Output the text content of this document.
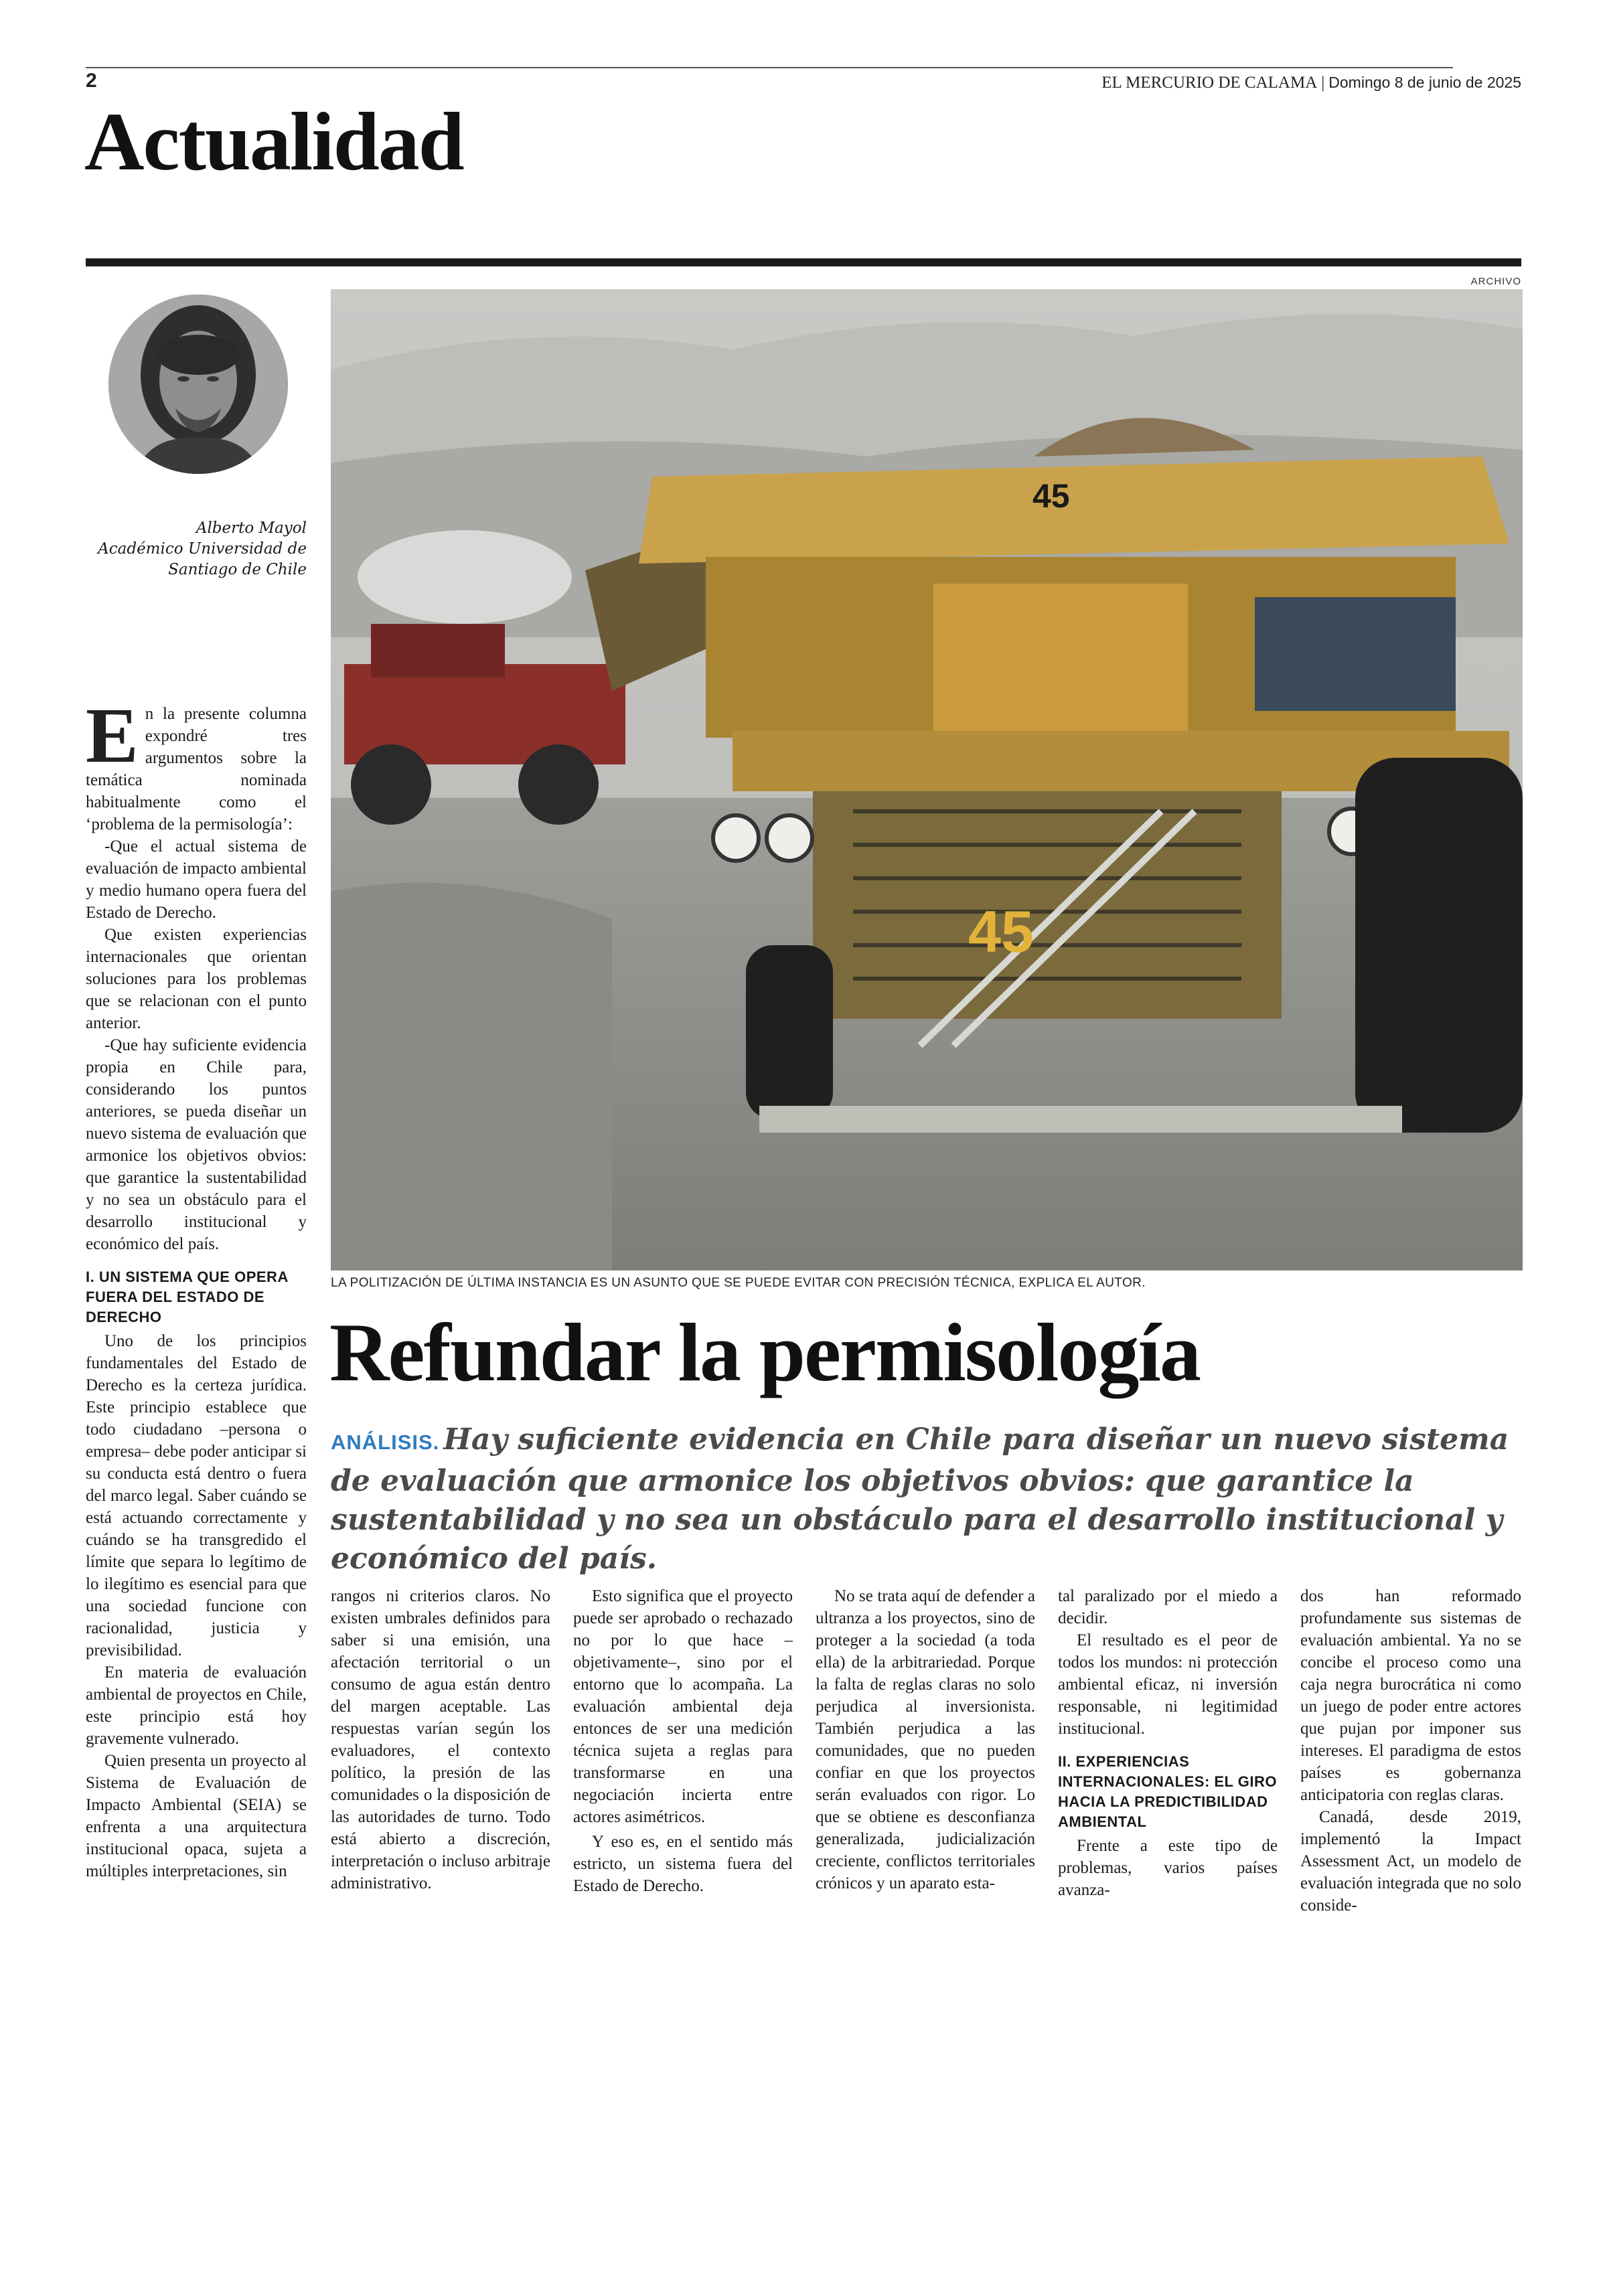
2	EL MERCURIO DE CALAMA | Domingo 8 de junio de 2025
Actualidad
Alberto Mayol
Académico Universidad de
Santiago de Chile
ARCHIVO
45
45
LA POLITIZACIÓN DE ÚLTIMA INSTANCIA ES UN ASUNTO QUE SE PUEDE EVITAR CON PRECISIÓN TÉCNICA, EXPLICA EL AUTOR.
Refundar la permisología
ANÁLISIS. Hay suficiente evidencia en Chile para diseñar un nuevo sistema de evaluación que armonice los objetivos obvios: que garantice la sustentabilidad y no sea un obstáculo para el desarrollo institucional y económico del país.

En la presente columna expondré tres argumentos sobre la temática nominada habitualmente como el ‘problema de la permisología’:

-Que el actual sistema de evaluación de impacto ambiental y medio humano opera fuera del Estado de Derecho.

Que existen experiencias internacionales que orientan soluciones para los problemas que se relacionan con el punto anterior.

-Que hay suficiente evidencia propia en Chile para, considerando los puntos anteriores, se pueda diseñar un nuevo sistema de evaluación que armonice los objetivos obvios: que garantice la sustentabilidad y no sea un obstáculo para el desarrollo institucional y económico del país.

I. UN SISTEMA QUE OPERA FUERA DEL ESTADO DE DERECHO

Uno de los principios fundamentales del Estado de Derecho es la certeza jurídica. Este principio establece que todo ciudadano –persona o empresa– debe poder anticipar si su conducta está dentro o fuera del marco legal. Saber cuándo se está actuando correctamente y cuándo se ha transgredido el límite que separa lo legítimo de lo ilegítimo es esencial para que una sociedad funcione con racionalidad, justicia y previsibilidad.

En materia de evaluación ambiental de proyectos en Chile, este principio está hoy gravemente vulnerado.

Quien presenta un proyecto al Sistema de Evaluación de Impacto Ambiental (SEIA) se enfrenta a una arquitectura institucional opaca, sujeta a múltiples interpretaciones, sin

rangos ni criterios claros. No existen umbrales definidos para saber si una emisión, una afectación territorial o un consumo de agua están dentro del margen aceptable. Las respuestas varían según los evaluadores, el contexto político, la presión de las comunidades o la disposición de las autoridades de turno. Todo está abierto a discreción, interpretación o incluso arbitraje administrativo.

Esto significa que el proyecto puede ser aprobado o rechazado no por lo que hace –objetivamente–, sino por el entorno que lo acompaña. La evaluación ambiental deja entonces de ser una medición técnica sujeta a reglas para transformarse en una negociación incierta entre actores asimétricos.

Y eso es, en el sentido más estricto, un sistema fuera del Estado de Derecho.

No se trata aquí de defender a ultranza a los proyectos, sino de proteger a la sociedad (a toda ella) de la arbitrariedad. Porque la falta de reglas claras no solo perjudica al inversionista. También perjudica a las comunidades, que no pueden confiar en que los proyectos serán evaluados con rigor. Lo que se obtiene es desconfianza generalizada, judicialización creciente, conflictos territoriales crónicos y un aparato esta-

tal paralizado por el miedo a decidir.

El resultado es el peor de todos los mundos: ni protección ambiental eficaz, ni inversión responsable, ni legitimidad institucional.

II. EXPERIENCIAS INTERNACIONALES: EL GIRO HACIA LA PREDICTIBILIDAD AMBIENTAL

Frente a este tipo de problemas, varios países avanza-

dos han reformado profundamente sus sistemas de evaluación ambiental. Ya no se concibe el proceso como una caja negra burocrática ni como un juego de poder entre actores que pujan por imponer sus intereses. El paradigma de estos países es gobernanza anticipatoria con reglas claras.

Canadá, desde 2019, implementó la Impact Assessment Act, un modelo de evaluación integrada que no solo conside-
